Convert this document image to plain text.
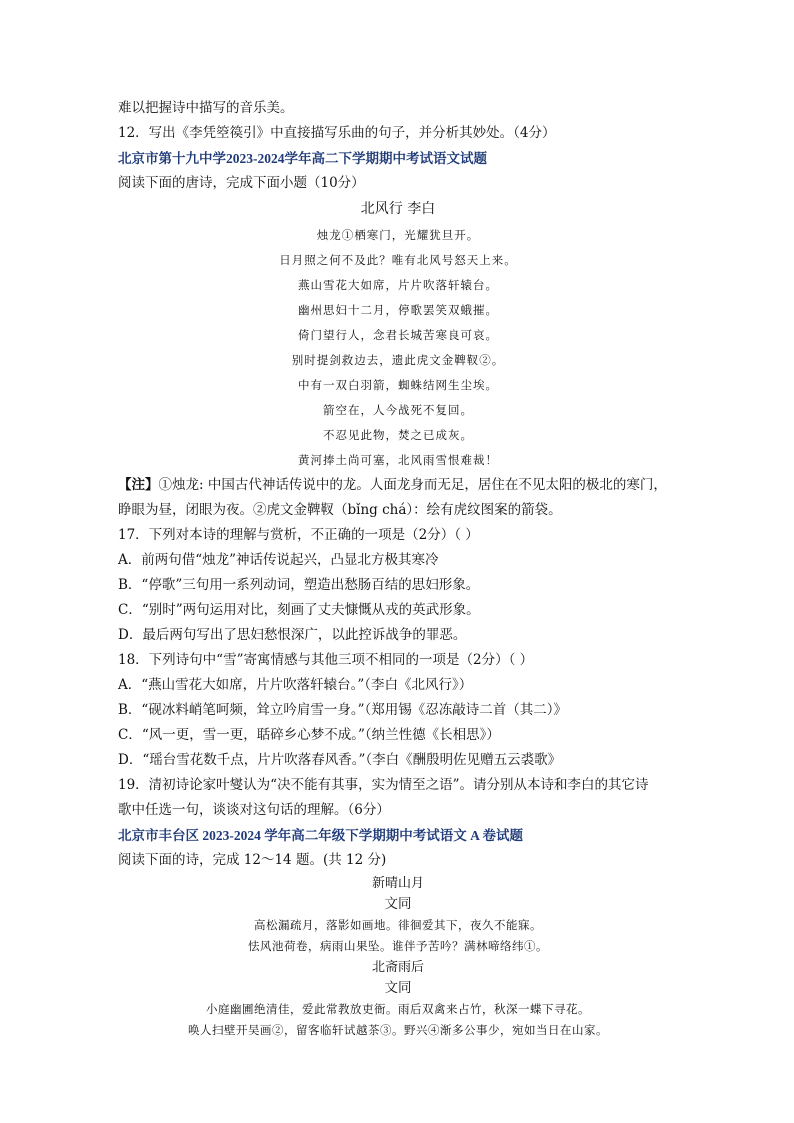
难以把握诗中描写的音乐美。
12．写出《李凭箜篌引》中直接描写乐曲的句子，并分析其妙处。（4分）
北京市第十九中学2023-2024学年高二下学期期中考试语文试题
阅读下面的唐诗，完成下面小题（10分）
北风行 李白
烛龙①栖寒门，光耀犹旦开。
日月照之何不及此？唯有北风号怒天上来。
燕山雪花大如席，片片吹落轩辕台。
幽州思妇十二月，停歌罢笑双蛾摧。
倚门望行人，念君长城苦寒良可哀。
别时提剑救边去，遗此虎文金鞞靫②。
中有一双白羽箭，蜘蛛结网生尘埃。
箭空在，人今战死不复回。
不忍见此物，焚之已成灰。
黄河捧土尚可塞，北风雨雪恨难裁！
【注】①烛龙: 中国古代神话传说中的龙。人面龙身而无足，居住在不见太阳的极北的寒门，睁眼为昼，闭眼为夜。②虎文金鞞靫（bǐng chá）：绘有虎纹图案的箭袋。
17．下列对本诗的理解与赏析，不正确的一项是（2分）（ ）
A．前两句借“烛龙”神话传说起兴，凸显北方极其寒冷
B．“停歌”三句用一系列动词，塑造出愁肠百结的思妇形象。
C．“别时”两句运用对比，刻画了丈夫慷慨从戎的英武形象。
D．最后两句写出了思妇愁恨深广，以此控诉战争的罪恶。
18．下列诗句中“雪”寄寓情感与其他三项不相同的一项是（2分）（ ）
A．“燕山雪花大如席，片片吹落轩辕台。”（李白《北风行》）
B．“砚冰料峭笔呵频，耸立吟肩雪一身。”（郑用锡《忍冻敲诗二首（其二）》
C．“风一更，雪一更，聒碎乡心梦不成。”（纳兰性德《长相思》）
D．“瑶台雪花数千点，片片吹落春风香。”（李白《酬殷明佐见赠五云裘歌》
19．清初诗论家叶燮认为“决不能有其事，实为情至之语”。请分别从本诗和李白的其它诗
歌中任选一句，谈谈对这句话的理解。（6分）
北京市丰台区 2023-2024 学年高二年级下学期期中考试语文 A 卷试题
阅读下面的诗，完成 12～14 题。(共 12 分)
新晴山月
文同
高松漏疏月，落影如画地。徘徊爱其下，夜久不能寐。
怯风池荷卷，病雨山果坠。谁伴予苦吟？满林啼络纬①。
北斋雨后
文同
小庭幽圃绝清佳，爱此常教放吏衙。雨后双禽来占竹，秋深一蝶下寻花。
唤人扫壁开吴画②，留客临轩试越茶③。野兴④渐多公事少，宛如当日在山家。
